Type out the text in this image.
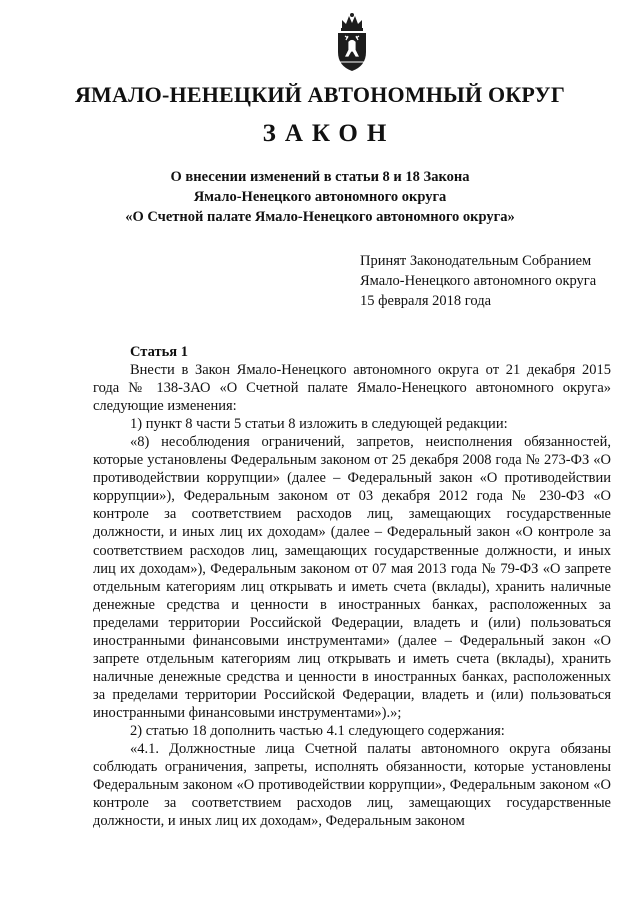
ЯМАЛО-НЕНЕЦКИЙ АВТОНОМНЫЙ ОКРУГ
ЗАКОН
О внесении изменений в статьи 8 и 18 Закона
Ямало-Ненецкого автономного округа
«О Счетной палате Ямало-Ненецкого автономного округа»
Принят Законодательным Собранием
Ямало-Ненецкого автономного округа
15 февраля 2018 года
Статья 1

Внести в Закон Ямало-Ненецкого автономного округа от 21 декабря 2015 года № 138-ЗАО «О Счетной палате Ямало-Ненецкого автономного округа» следующие изменения:

1) пункт 8 части 5 статьи 8 изложить в следующей редакции:

«8) несоблюдения ограничений, запретов, неисполнения обязанностей, которые установлены Федеральным законом от 25 декабря 2008 года № 273-ФЗ «О противодействии коррупции» (далее – Федеральный закон «О противодействии коррупции»), Федеральным законом от 03 декабря 2012 года № 230-ФЗ «О контроле за соответствием расходов лиц, замещающих государственные должности, и иных лиц их доходам» (далее – Федеральный закон «О контроле за соответствием расходов лиц, замещающих государственные должности, и иных лиц их доходам»), Федеральным законом от 07 мая 2013 года № 79-ФЗ «О запрете отдельным категориям лиц открывать и иметь счета (вклады), хранить наличные денежные средства и ценности в иностранных банках, расположенных за пределами территории Российской Федерации, владеть и (или) пользоваться иностранными финансовыми инструментами» (далее – Федеральный закон «О запрете отдельным категориям лиц открывать и иметь счета (вклады), хранить наличные денежные средства и ценности в иностранных банках, расположенных за пределами территории Российской Федерации, владеть и (или) пользоваться иностранными финансовыми инструментами»).»;

2) статью 18 дополнить частью 4.1 следующего содержания:

«4.1. Должностные лица Счетной палаты автономного округа обязаны соблюдать ограничения, запреты, исполнять обязанности, которые установлены Федеральным законом «О противодействии коррупции», Федеральным законом «О контроле за соответствием расходов лиц, замещающих государственные должности, и иных лиц их доходам», Федеральным законом
